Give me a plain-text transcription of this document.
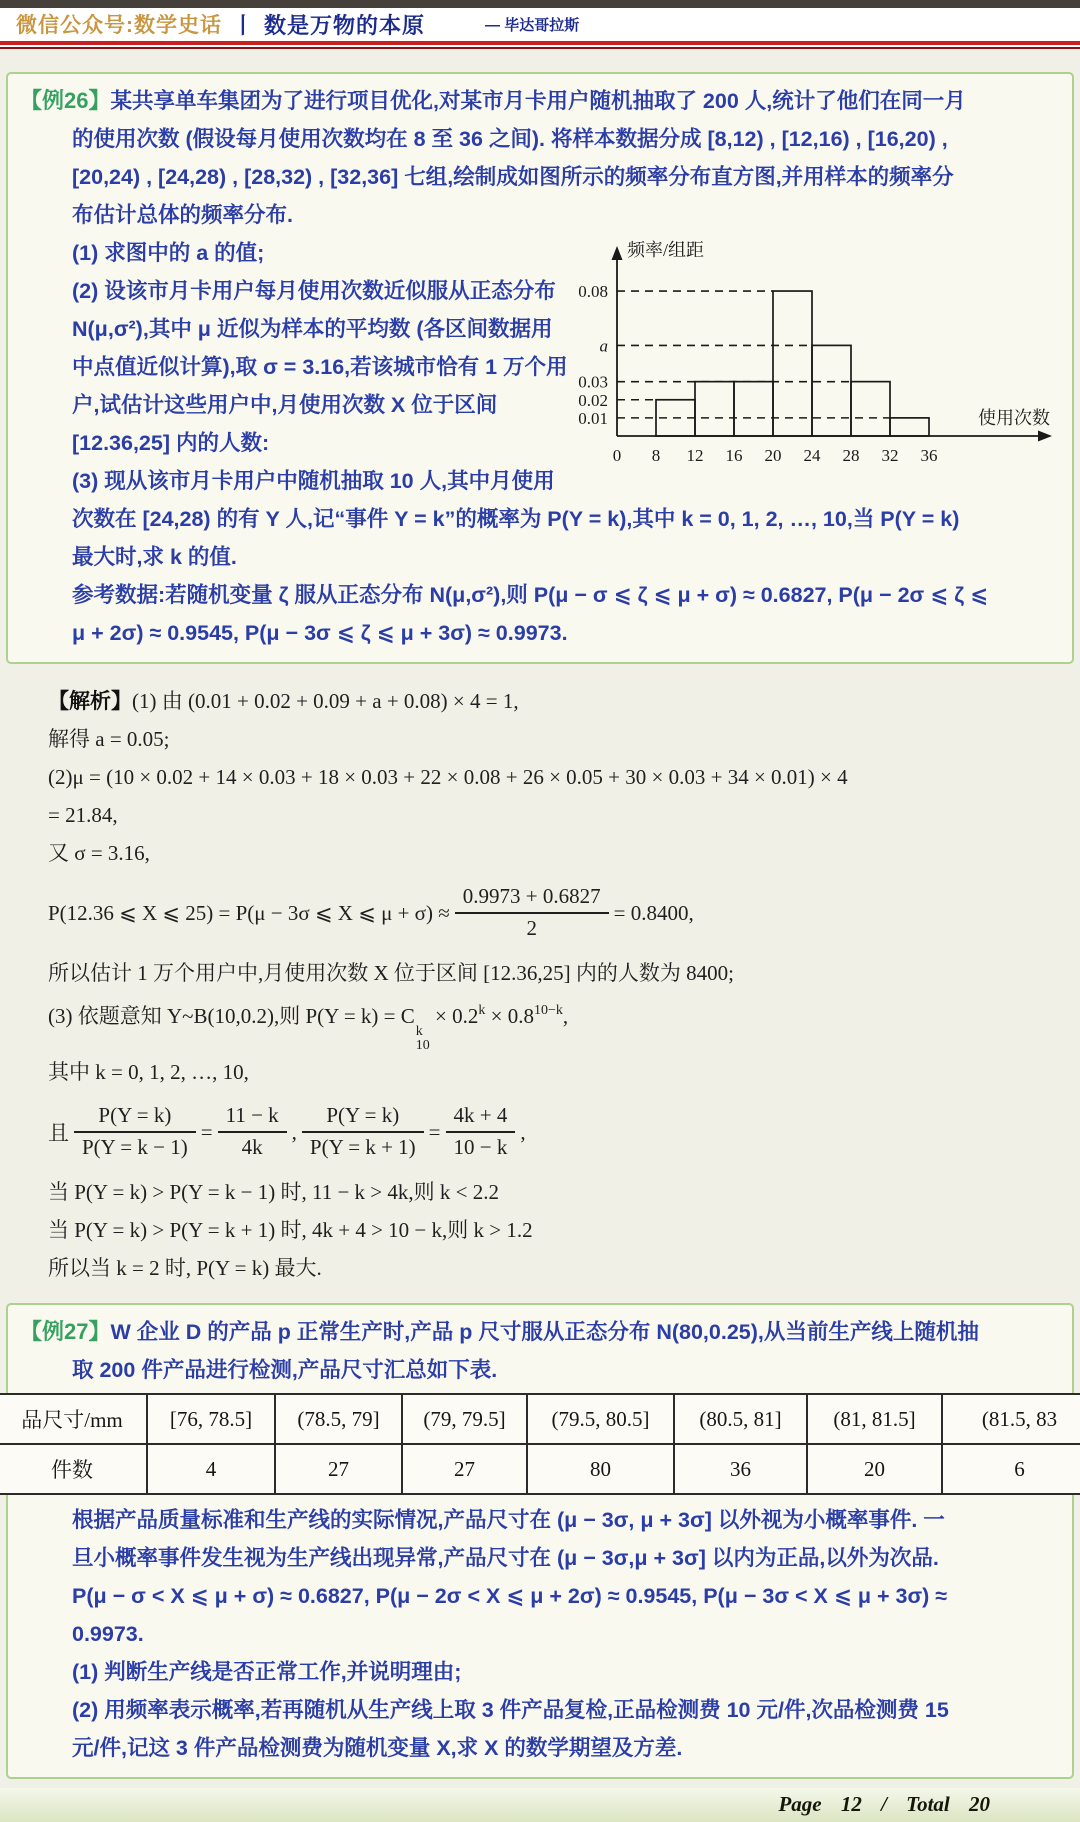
微信公众号:数学史话 丨 数是万物的本原	— 毕达哥拉斯
【例26】某共享单车集团为了进行项目优化,对某市月卡用户随机抽取了 200 人,统计了他们在同一月
的使用次数 (假设每月使用次数均在 8 至 36 之间). 将样本数据分成 [8,12) , [12,16) , [16,20) ,
[20,24) , [24,28) , [28,32) , [32,36] 七组,绘制成如图所示的频率分布直方图,并用样本的频率分
布估计总体的频率分布.
0.08
a
0.03
0.02
0.01
0 8 12 16 20 24 28 32 36
频率/组距
使用次数
(1) 求图中的 a 的值;
(2) 设该市月卡用户每月使用次数近似服从正态分布
N(μ,σ²),其中 μ 近似为样本的平均数 (各区间数据用
中点值近似计算),取 σ = 3.16,若该城市恰有 1 万个用
户,试估计这些用户中,月使用次数 X 位于区间
[12.36,25] 内的人数:
(3) 现从该市月卡用户中随机抽取 10 人,其中月使用
次数在 [24,28) 的有 Y 人,记“事件 Y = k”的概率为 P(Y = k),其中 k = 0, 1, 2, …, 10,当 P(Y = k)
最大时,求 k 的值.
参考数据:若随机变量 ζ 服从正态分布 N(μ,σ²),则 P(μ − σ ⩽ ζ ⩽ μ + σ) ≈ 0.6827, P(μ − 2σ ⩽ ζ ⩽
μ + 2σ) ≈ 0.9545, P(μ − 3σ ⩽ ζ ⩽ μ + 3σ) ≈ 0.9973.
【解析】(1) 由 (0.01 + 0.02 + 0.09 + a + 0.08) × 4 = 1,
解得 a = 0.05;
(2)μ = (10 × 0.02 + 14 × 0.03 + 18 × 0.03 + 22 × 0.08 + 26 × 0.05 + 30 × 0.03 + 34 × 0.01) × 4
= 21.84,
又 σ = 3.16,
P(12.36 ⩽ X ⩽ 25) = P(μ − 3σ ⩽ X ⩽ $\mu + \sigma) \approx \frac{0.9973 + 0.6827}{2} = 0.8400$,
所以估计 1 万个用户中,月使用次数 X 位于区间 [12.36,25] 内的人数为 8400;
(3) 依题意知 Y~B(10,0.2),则 P(Y = k) = C
k
10
× $0.2^k \times 0.8^{10-k}$,
其中 k = 0, 1, 2, …, 10,
且 $\frac{P(Y = k)}{P(Y = k - 1)} = \frac{11 - k}{4k}$ , $\frac{P(Y = k)}{P(Y = k + 1)} = \frac{4k + 4}{10 - k}$ ,
当 P(Y = k) > P(Y = k − 1) 时, 11 − k > 4k,则 k < 2.2
当 P(Y = k) > P(Y = k + 1) 时, 4k + 4 > 10 − k,则 k > 1.2
所以当 k = 2 时, P(Y = k) 最大.
【例27】W 企业 D 的产品 p 正常生产时,产品 p 尺寸服从正态分布 N(80,0.25),从当前生产线上随机抽
取 200 件产品进行检测,产品尺寸汇总如下表.
品尺寸/mm	[76, 78.5]	(78.5, 79]	(79, 79.5]	(79.5, 80.5]	(80.5, 81]	(81, 81.5]	(81.5, 83
件数	4	27	27	80	36	20	6
根据产品质量标准和生产线的实际情况,产品尺寸在 (μ − 3σ, μ + 3σ] 以外视为小概率事件. 一
旦小概率事件发生视为生产线出现异常,产品尺寸在 (μ − 3σ,μ + 3σ] 以内为正品,以外为次品.
P(μ − σ < X ⩽ μ + σ) ≈ 0.6827, P(μ − 2σ < X ⩽ μ + 2σ) ≈ 0.9545, P(μ − 3σ < X ⩽ μ + 3σ) ≈
0.9973.
(1) 判断生产线是否正常工作,并说明理由;
(2) 用频率表示概率,若再随机从生产线上取 3 件产品复检,正品检测费 10 元/件,次品检测费 15
元/件,记这 3 件产品检测费为随机变量 X,求 X 的数学期望及方差.
Page 12 / Total 20
